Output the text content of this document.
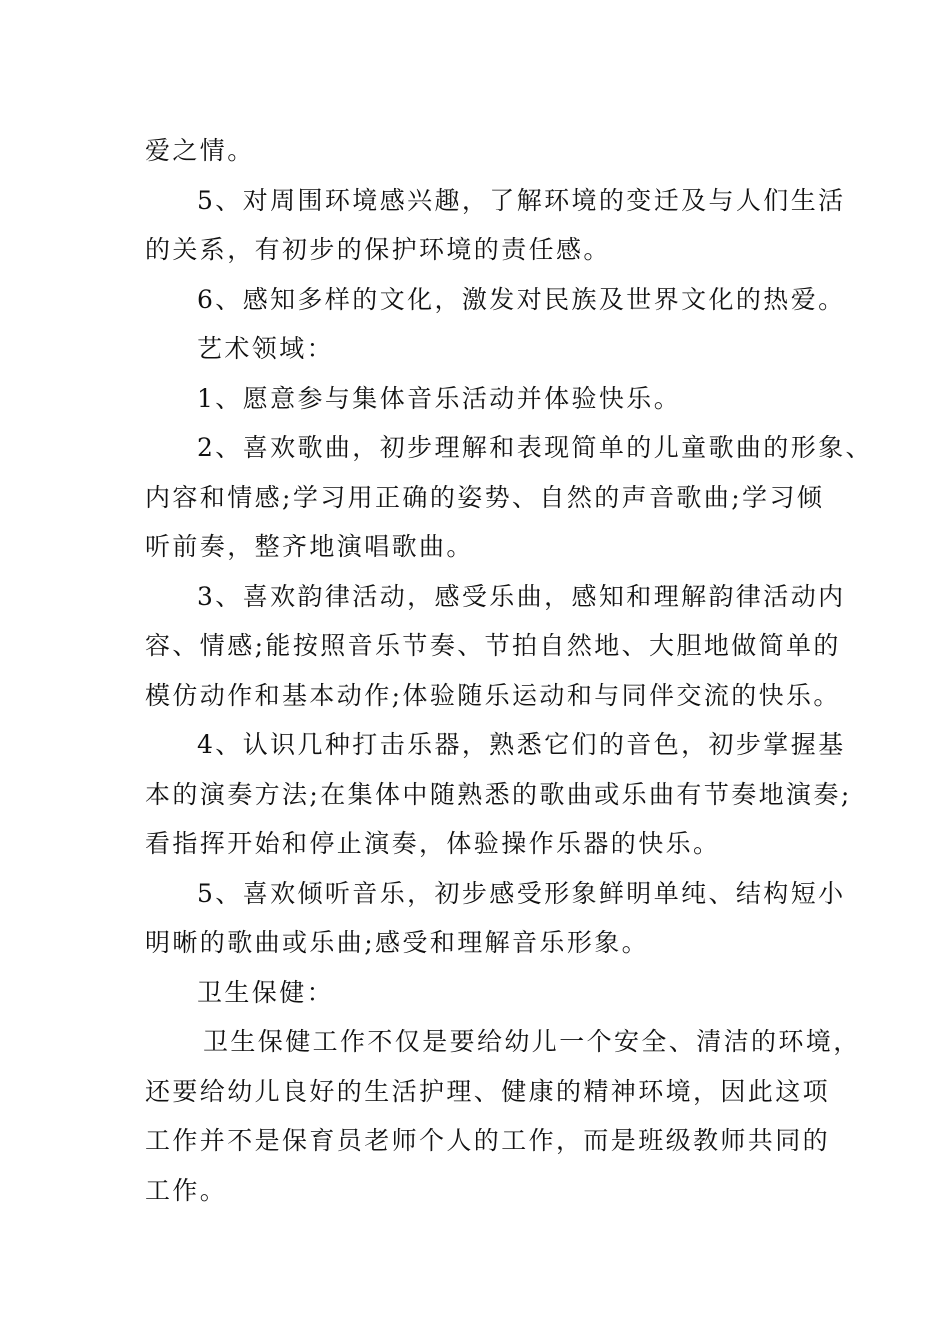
爱之情。

5、对周围环境感兴趣，了解环境的变迁及与人们生活

的关系，有初步的保护环境的责任感。

6、感知多样的文化，激发对民族及世界文化的热爱。

艺术领域：

1、愿意参与集体音乐活动并体验快乐。

2、喜欢歌曲，初步理解和表现简单的儿童歌曲的形象、

内容和情感;学习用正确的姿势、自然的声音歌曲;学习倾

听前奏，整齐地演唱歌曲。

3、喜欢韵律活动，感受乐曲，感知和理解韵律活动内

容、情感;能按照音乐节奏、节拍自然地、大胆地做简单的

模仿动作和基本动作;体验随乐运动和与同伴交流的快乐。

4、认识几种打击乐器，熟悉它们的音色，初步掌握基

本的演奏方法;在集体中随熟悉的歌曲或乐曲有节奏地演奏;

看指挥开始和停止演奏，体验操作乐器的快乐。

5、喜欢倾听音乐，初步感受形象鲜明单纯、结构短小

明晰的歌曲或乐曲;感受和理解音乐形象。

卫生保健：

卫生保健工作不仅是要给幼儿一个安全、清洁的环境，

还要给幼儿良好的生活护理、健康的精神环境，因此这项

工作并不是保育员老师个人的工作，而是班级教师共同的

工作。
